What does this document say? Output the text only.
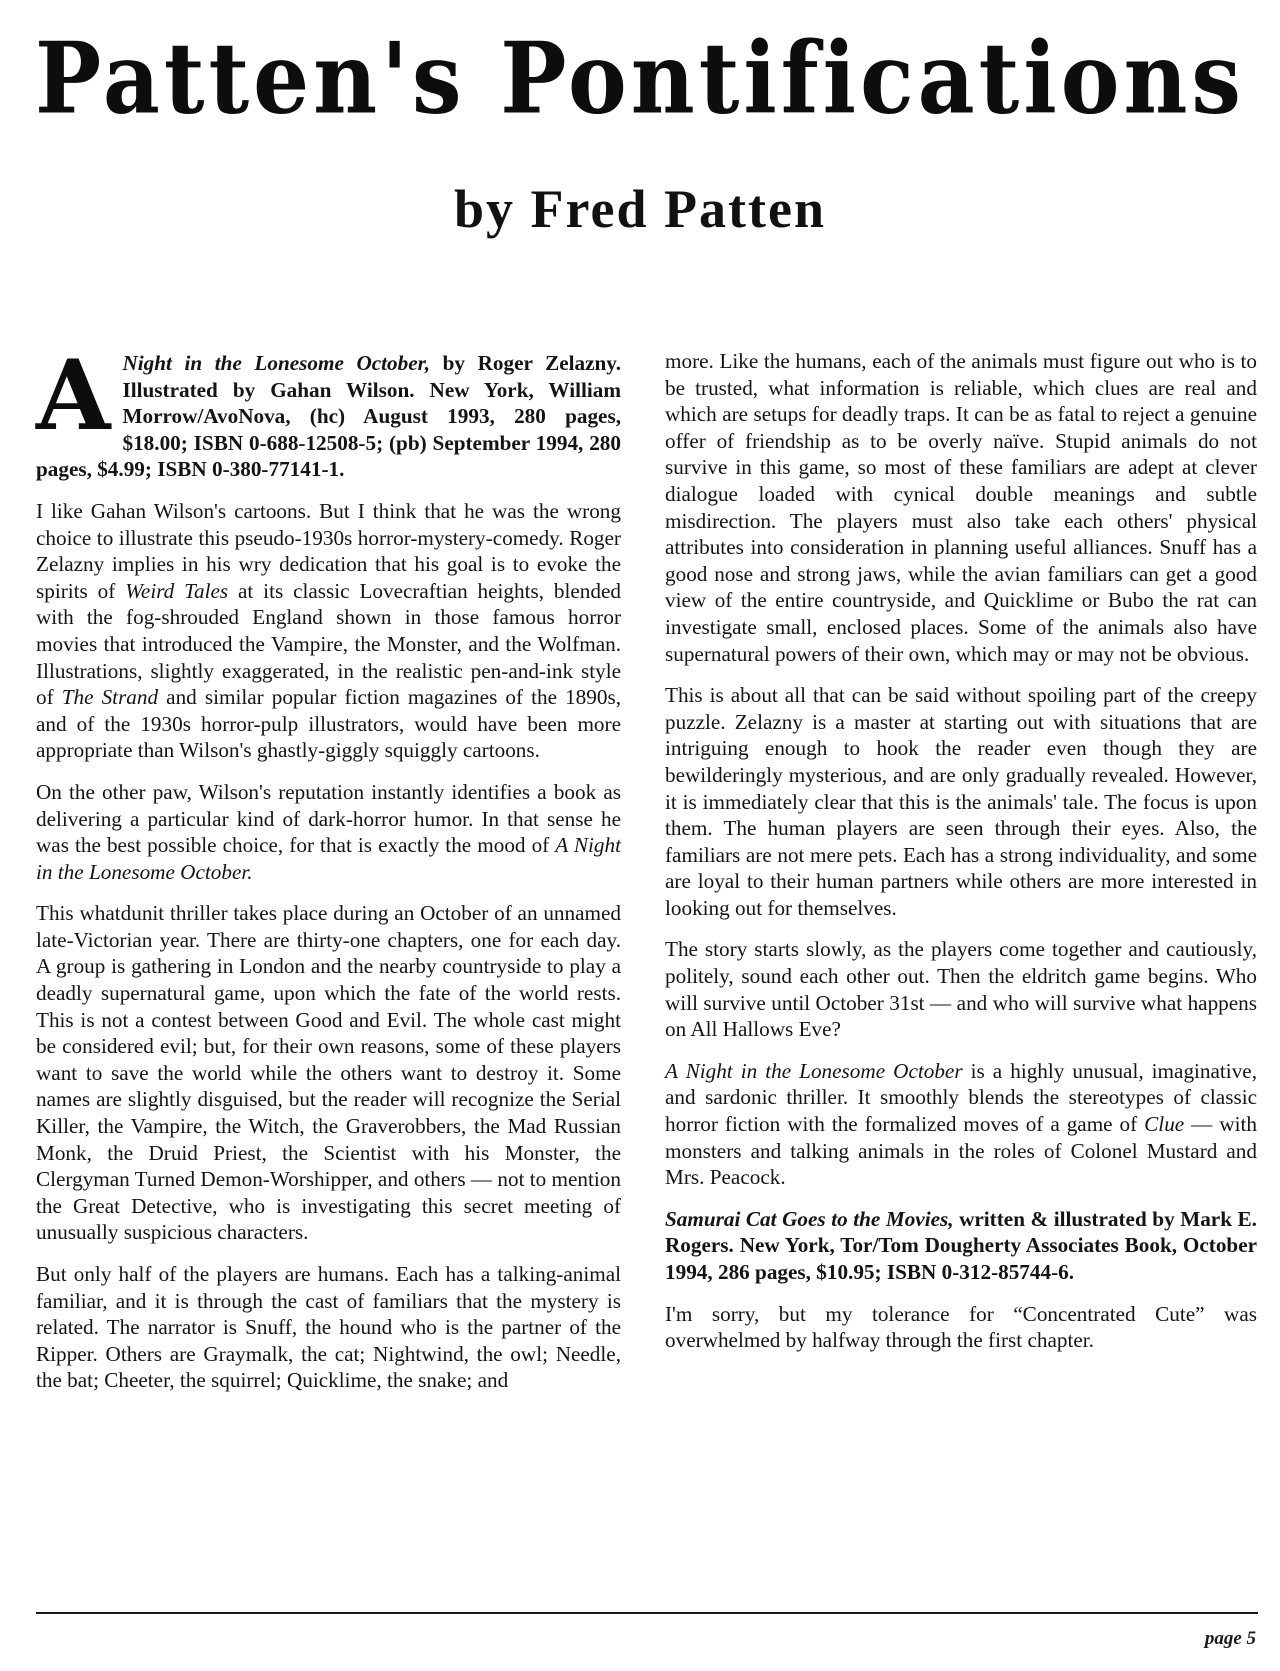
Patten's Pontifications
by Fred Patten

A Night in the Lonesome October, by Roger Zelazny. Illustrated by Gahan Wilson. New York, William Morrow/AvoNova, (hc) August 1993, 280 pages, $18.00; ISBN 0-688-12508-5; (pb) September 1994, 280 pages, $4.99; ISBN 0-380-77141-1.

I like Gahan Wilson's cartoons. But I think that he was the wrong choice to illustrate this pseudo-1930s horror-mystery-comedy. Roger Zelazny implies in his wry dedication that his goal is to evoke the spirits of Weird Tales at its classic Lovecraftian heights, blended with the fog-shrouded England shown in those famous horror movies that introduced the Vampire, the Monster, and the Wolfman. Illustrations, slightly exaggerated, in the realistic pen-and-ink style of The Strand and similar popular fiction magazines of the 1890s, and of the 1930s horror-pulp illustrators, would have been more appropriate than Wilson's ghastly-giggly squiggly cartoons.

On the other paw, Wilson's reputation instantly identifies a book as delivering a particular kind of dark-horror humor. In that sense he was the best possible choice, for that is exactly the mood of A Night in the Lonesome October.

This whatdunit thriller takes place during an October of an unnamed late-Victorian year. There are thirty-one chapters, one for each day. A group is gathering in London and the nearby countryside to play a deadly supernatural game, upon which the fate of the world rests. This is not a contest between Good and Evil. The whole cast might be considered evil; but, for their own reasons, some of these players want to save the world while the others want to destroy it. Some names are slightly disguised, but the reader will recognize the Serial Killer, the Vampire, the Witch, the Graverobbers, the Mad Russian Monk, the Druid Priest, the Scientist with his Monster, the Clergyman Turned Demon-Worshipper, and others — not to mention the Great Detective, who is investigating this secret meeting of unusually suspicious characters.

But only half of the players are humans. Each has a talking-animal familiar, and it is through the cast of familiars that the mystery is related. The narrator is Snuff, the hound who is the partner of the Ripper. Others are Graymalk, the cat; Nightwind, the owl; Needle, the bat; Cheeter, the squirrel; Quicklime, the snake; and

more. Like the humans, each of the animals must figure out who is to be trusted, what information is reliable, which clues are real and which are setups for deadly traps. It can be as fatal to reject a genuine offer of friendship as to be overly naïve. Stupid animals do not survive in this game, so most of these familiars are adept at clever dialogue loaded with cynical double meanings and subtle misdirection. The players must also take each others' physical attributes into consideration in planning useful alliances. Snuff has a good nose and strong jaws, while the avian familiars can get a good view of the entire countryside, and Quicklime or Bubo the rat can investigate small, enclosed places. Some of the animals also have supernatural powers of their own, which may or may not be obvious.

This is about all that can be said without spoiling part of the creepy puzzle. Zelazny is a master at starting out with situations that are intriguing enough to hook the reader even though they are bewilderingly mysterious, and are only gradually revealed. However, it is immediately clear that this is the animals' tale. The focus is upon them. The human players are seen through their eyes. Also, the familiars are not mere pets. Each has a strong individuality, and some are loyal to their human partners while others are more interested in looking out for themselves.

The story starts slowly, as the players come together and cautiously, politely, sound each other out. Then the eldritch game begins. Who will survive until October 31st — and who will survive what happens on All Hallows Eve?

A Night in the Lonesome October is a highly unusual, imaginative, and sardonic thriller. It smoothly blends the stereotypes of classic horror fiction with the formalized moves of a game of Clue — with monsters and talking animals in the roles of Colonel Mustard and Mrs. Peacock.

Samurai Cat Goes to the Movies, written & illustrated by Mark E. Rogers. New York, Tor/Tom Dougherty Associates Book, October 1994, 286 pages, $10.95; ISBN 0-312-85744-6.

I'm sorry, but my tolerance for “Concentrated Cute” was overwhelmed by halfway through the first chapter.

page 5
